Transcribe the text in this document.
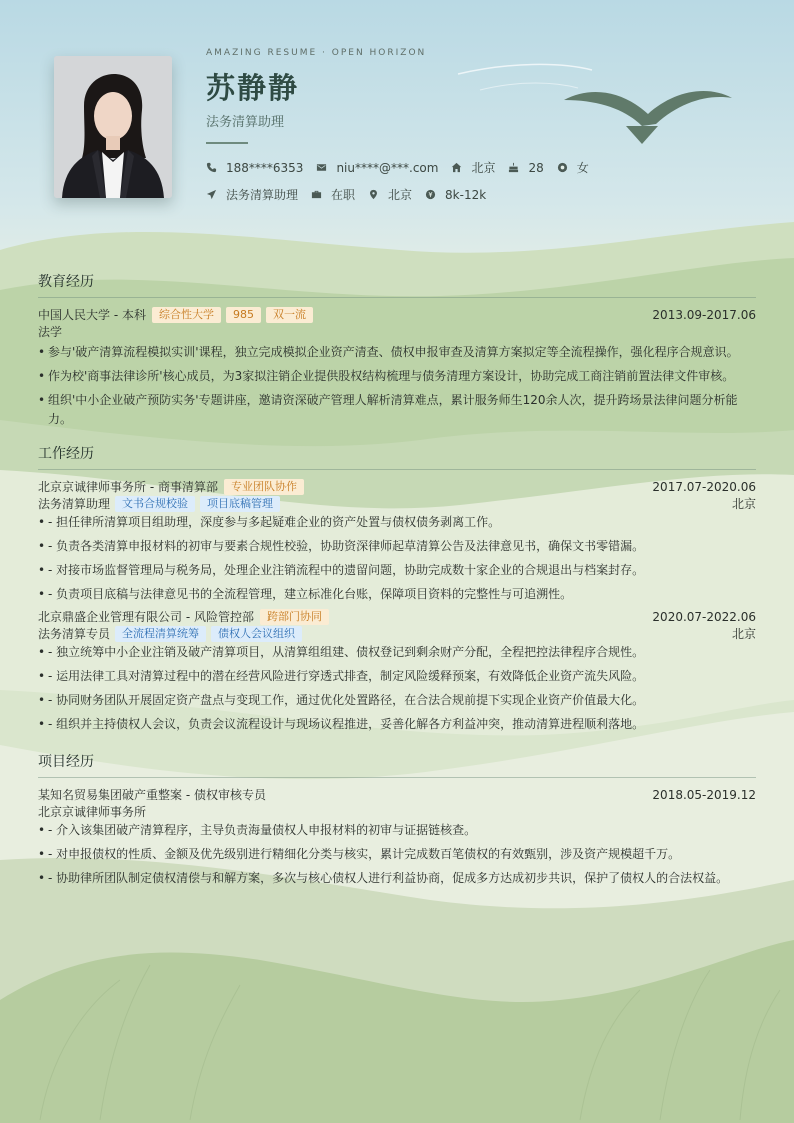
AMAZING RESUME · OPEN HORIZON
苏静静
法务清算助理
188****6353	niu****@***.com	北京	28	女
法务清算助理	在职	北京	8k-12k
教育经历
中国人民大学 - 本科	综合性大学	985	双一流	2013.09-2017.06
法学
• 参与'破产清算流程模拟实训'课程，独立完成模拟企业资产清查、债权申报审查及清算方案拟定等全流程操作，强化程序合规意识。
• 作为校'商事法律诊所'核心成员，为3家拟注销企业提供股权结构梳理与债务清理方案设计，协助完成工商注销前置法律文件审核。
• 组织'中小企业破产预防实务'专题讲座，邀请资深破产管理人解析清算难点，累计服务师生120余人次，提升跨场景法律问题分析能力。
工作经历
北京京诚律师事务所 - 商事清算部	专业团队协作	2017.07-2020.06
法务清算助理	文书合规校验	项目底稿管理	北京
• - 担任律所清算项目组助理，深度参与多起疑难企业的资产处置与债权债务剥离工作。
• - 负责各类清算申报材料的初审与要素合规性校验，协助资深律师起草清算公告及法律意见书，确保文书零错漏。
• - 对接市场监督管理局与税务局，处理企业注销流程中的遗留问题，协助完成数十家企业的合规退出与档案封存。
• - 负责项目底稿与法律意见书的全流程管理，建立标准化台账，保障项目资料的完整性与可追溯性。
北京鼎盛企业管理有限公司 - 风险管控部	跨部门协同	2020.07-2022.06
法务清算专员	全流程清算统筹	债权人会议组织	北京
• - 独立统筹中小企业注销及破产清算项目，从清算组组建、债权登记到剩余财产分配，全程把控法律程序合规性。
• - 运用法律工具对清算过程中的潜在经营风险进行穿透式排查，制定风险缓释预案，有效降低企业资产流失风险。
• - 协同财务团队开展固定资产盘点与变现工作，通过优化处置路径，在合法合规前提下实现企业资产价值最大化。
• - 组织并主持债权人会议，负责会议流程设计与现场议程推进，妥善化解各方利益冲突，推动清算进程顺利落地。
项目经历
某知名贸易集团破产重整案 - 债权审核专员	2018.05-2019.12
北京京诚律师事务所
• - 介入该集团破产清算程序，主导负责海量债权人申报材料的初审与证据链核查。
• - 对申报债权的性质、金额及优先级别进行精细化分类与核实，累计完成数百笔债权的有效甄别，涉及资产规模超千万。
• - 协助律所团队制定债权清偿与和解方案，多次与核心债权人进行利益协商，促成多方达成初步共识，保护了债权人的合法权益。
